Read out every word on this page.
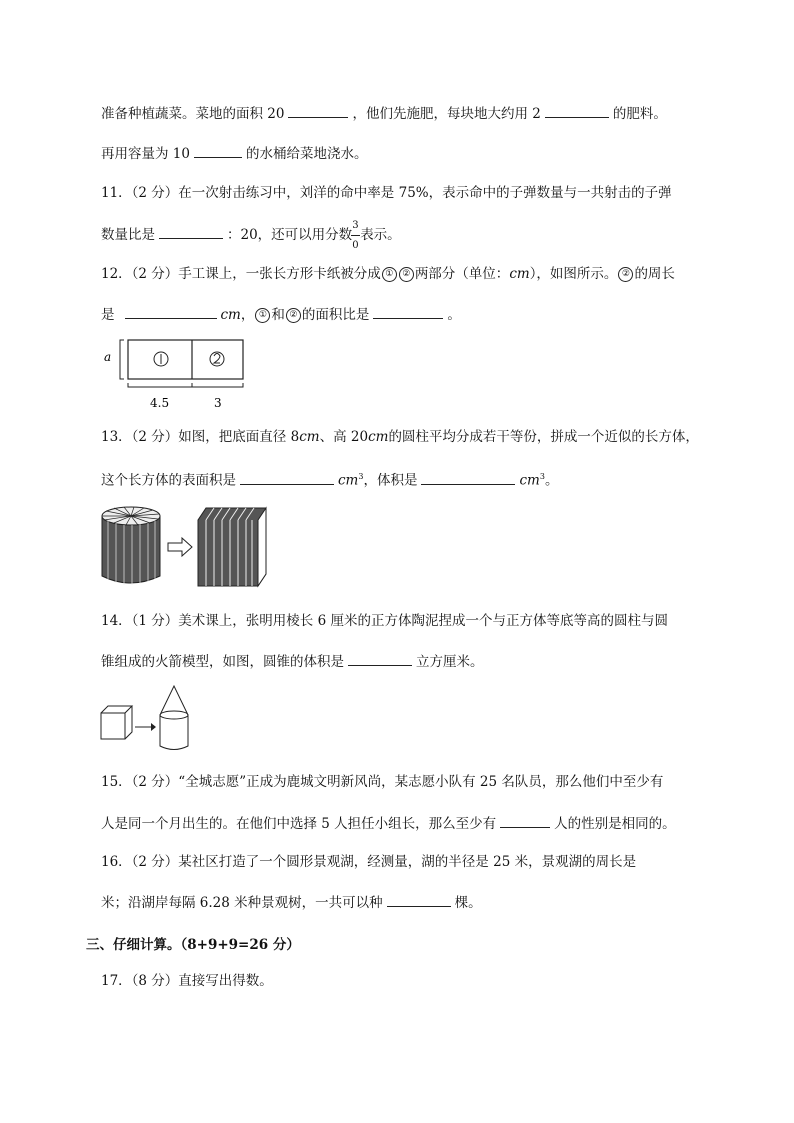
准备种植蔬菜。菜地的面积 20	，他们先施肥，每块地大约用 2	的肥料。
再用容量为 10	的水桶给菜地浇水。
11．（2 分）在一次射击练习中，刘洋的命中率是 75%，表示命中的子弹数量与一共射击的子弹
数量比是	：20，还可以用分数 $\frac{3}{0}$ 表示。
12．（2 分）手工课上，一张长方形卡纸被分成 ① ② 两部分（单位：cm），如图所示。 ② 的周长
是	cm， ① 和 ② 的面积比是	。
a
4.5	3
13．（2 分）如图，把底面直径 8cm、高 20cm的圆柱平均分成若干等份，拼成一个近似的长方体，
这个长方体的表面积是	$cm^3$，体积是	$cm^3$。
14．（1 分）美术课上，张明用棱长 6 厘米的正方体陶泥捏成一个与正方体等底等高的圆柱与圆
锥组成的火箭模型，如图，圆锥的体积是	立方厘米。
15．（2 分）“全城志愿”正成为鹿城文明新风尚，某志愿小队有 25 名队员，那么他们中至少有
人是同一个月出生的。在他们中选择 5 人担任小组长，那么至少有	人的性别是相同的。
16．（2 分）某社区打造了一个圆形景观湖，经测量，湖的半径是 25 米，景观湖的周长是
米；沿湖岸每隔 6.28 米种景观树，一共可以种	棵。
三、仔细计算。（8+9+9=26 分）
17．（8 分）直接写出得数。
